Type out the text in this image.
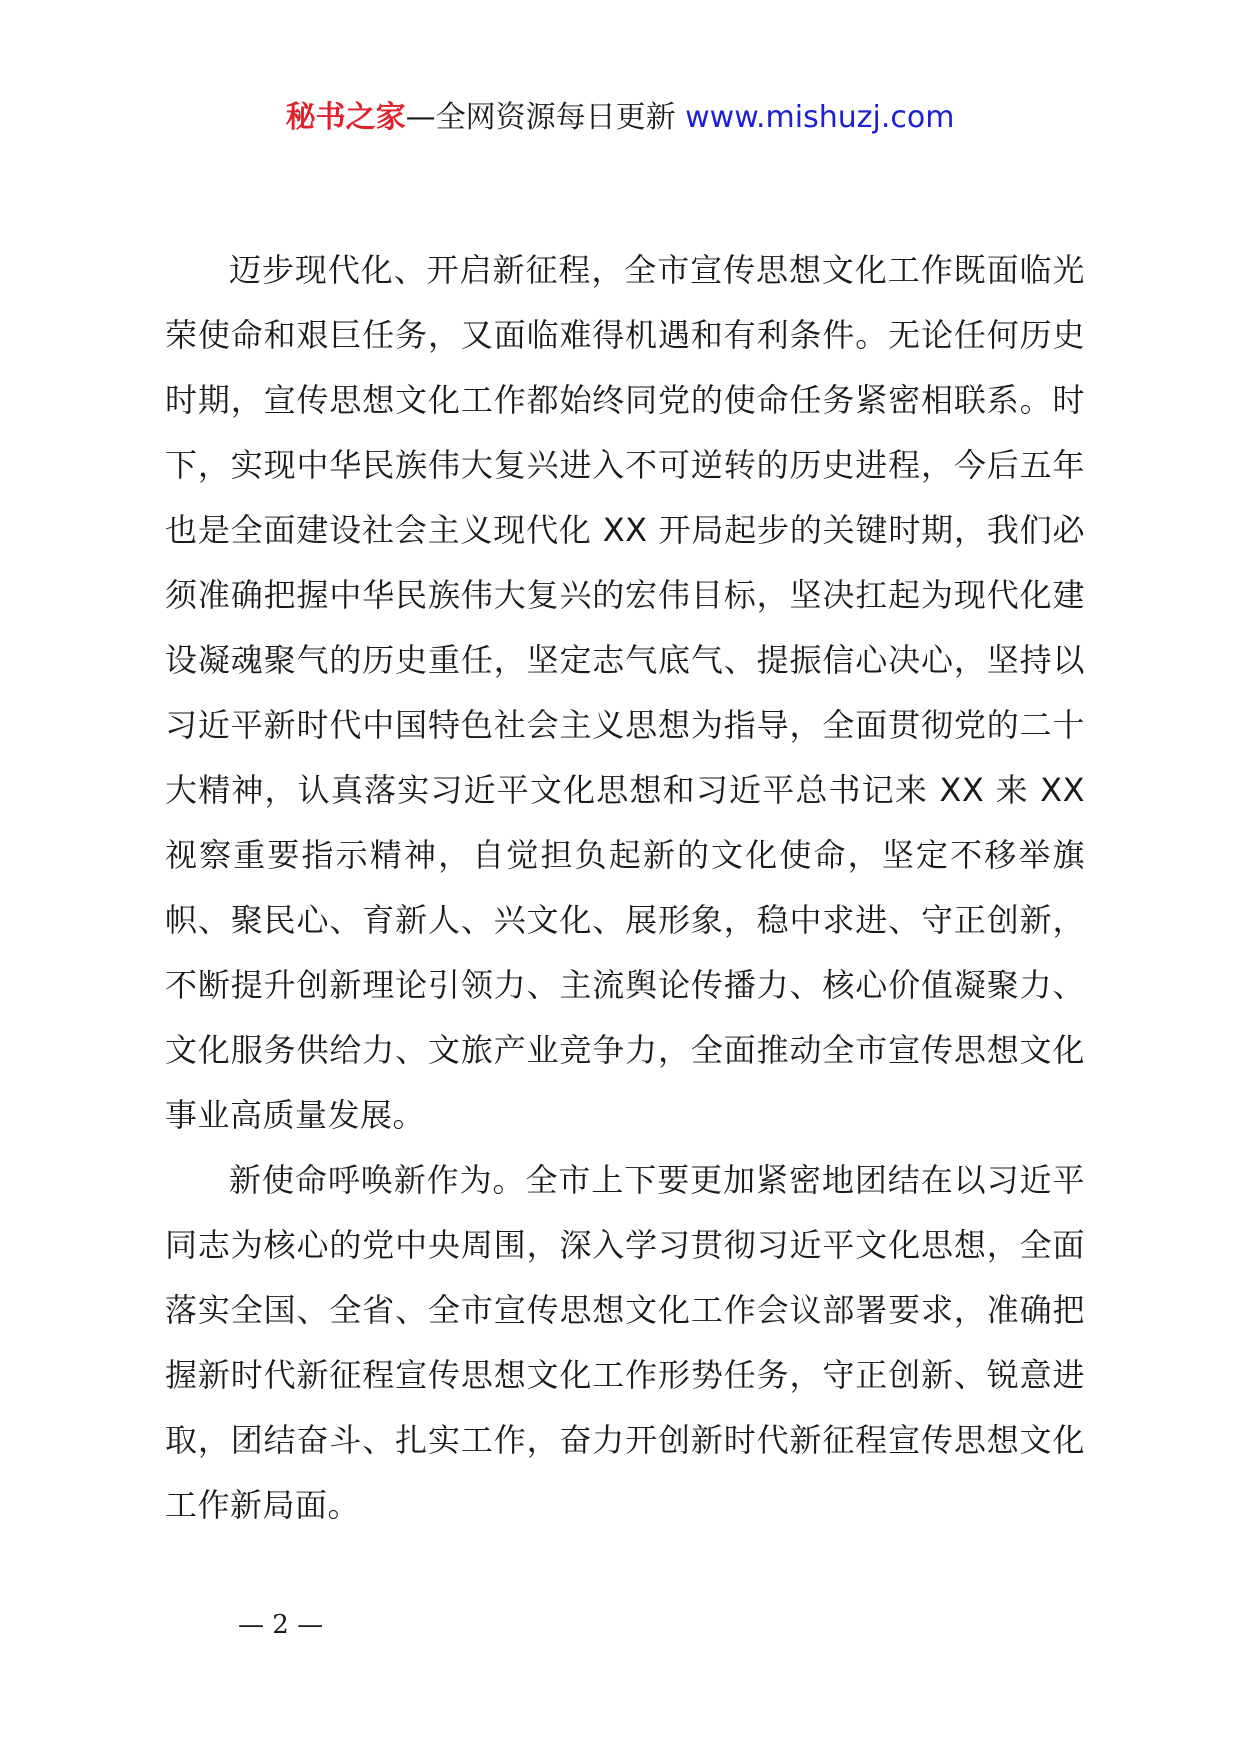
秘书之家—全网资源每日更新 www.mishuzj.com

迈步现代化、开启新征程，全市宣传思想文化工作既面临光荣使命和艰巨任务，又面临难得机遇和有利条件。无论任何历史时期，宣传思想文化工作都始终同党的使命任务紧密相联系。时下，实现中华民族伟大复兴进入不可逆转的历史进程，今后五年也是全面建设社会主义现代化 XX 开局起步的关键时期，我们必须准确把握中华民族伟大复兴的宏伟目标，坚决扛起为现代化建设凝魂聚气的历史重任，坚定志气底气、提振信心决心，坚持以习近平新时代中国特色社会主义思想为指导，全面贯彻党的二十大精神，认真落实习近平文化思想和习近平总书记来 XX 来 XX 视察重要指示精神，自觉担负起新的文化使命，坚定不移举旗帜、聚民心、育新人、兴文化、展形象，稳中求进、守正创新，不断提升创新理论引领力、主流舆论传播力、核心价值凝聚力、文化服务供给力、文旅产业竞争力，全面推动全市宣传思想文化事业高质量发展。

新使命呼唤新作为。全市上下要更加紧密地团结在以习近平同志为核心的党中央周围，深入学习贯彻习近平文化思想，全面落实全国、全省、全市宣传思想文化工作会议部署要求，准确把握新时代新征程宣传思想文化工作形势任务，守正创新、锐意进取，团结奋斗、扎实工作，奋力开创新时代新征程宣传思想文化工作新局面。

— 2 —
